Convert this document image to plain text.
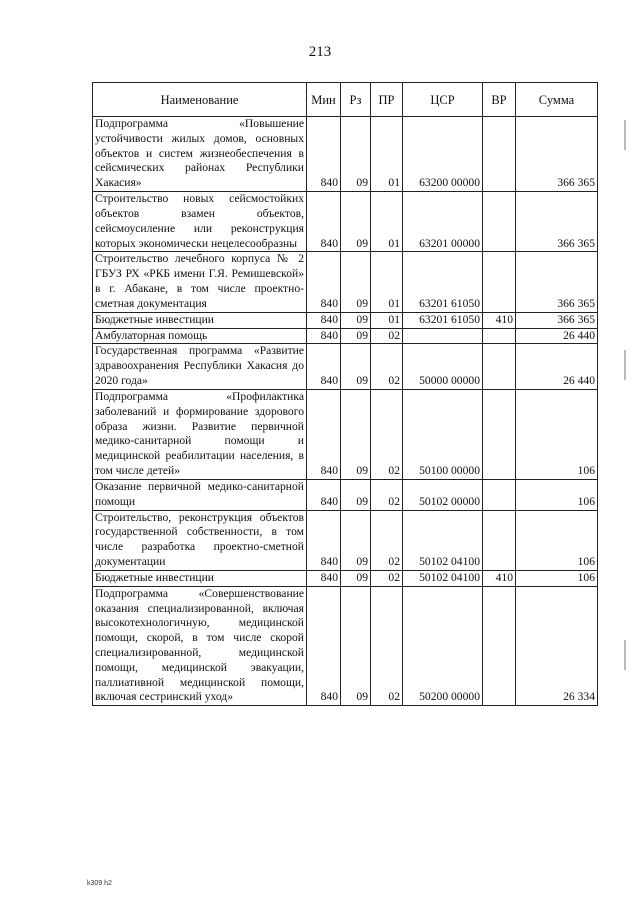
213
Наименование	Мин	Рз	ПР	ЦСР	ВР	Сумма
Подпрограмма «Повышение устойчивости жилых домов, основных объектов и систем жизнеобеспечения в сейсмических районах Республики Хакасия»	840	09	01	63200 00000		366 365
Строительство новых сейсмостойких объектов взамен объектов, сейсмоусиление или реконструкция которых экономически нецелесообразны	840	09	01	63201 00000		366 365
Строительство лечебного корпуса № 2 ГБУЗ РХ «РКБ имени Г.Я. Ремишевской» в г. Абакане, в том числе проектно-сметная документация	840	09	01	63201 61050		366 365
Бюджетные инвестиции	840	09	01	63201 61050	410	366 365
Амбулаторная помощь	840	09	02			26 440
Государственная программа «Развитие здравоохранения Республики Хакасия до 2020 года»	840	09	02	50000 00000		26 440
Подпрограмма «Профилактика заболеваний и формирование здорового образа жизни. Развитие первичной медико-санитарной помощи и медицинской реабилитации населения, в том числе детей»	840	09	02	50100 00000		106
Оказание первичной медико-санитарной помощи	840	09	02	50102 00000		106
Строительство, реконструкция объектов государственной собственности, в том числе разработка проектно-сметной документации	840	09	02	50102 04100		106
Бюджетные инвестиции	840	09	02	50102 04100	410	106
Подпрограмма «Совершенствование оказания специализированной, включая высокотехнологичную, медицинской помощи, скорой, в том числе скорой специализированной, медицинской помощи, медицинской эвакуации, паллиативной медицинской помощи, включая сестринский уход»	840	09	02	50200 00000		26 334
k309 h2
